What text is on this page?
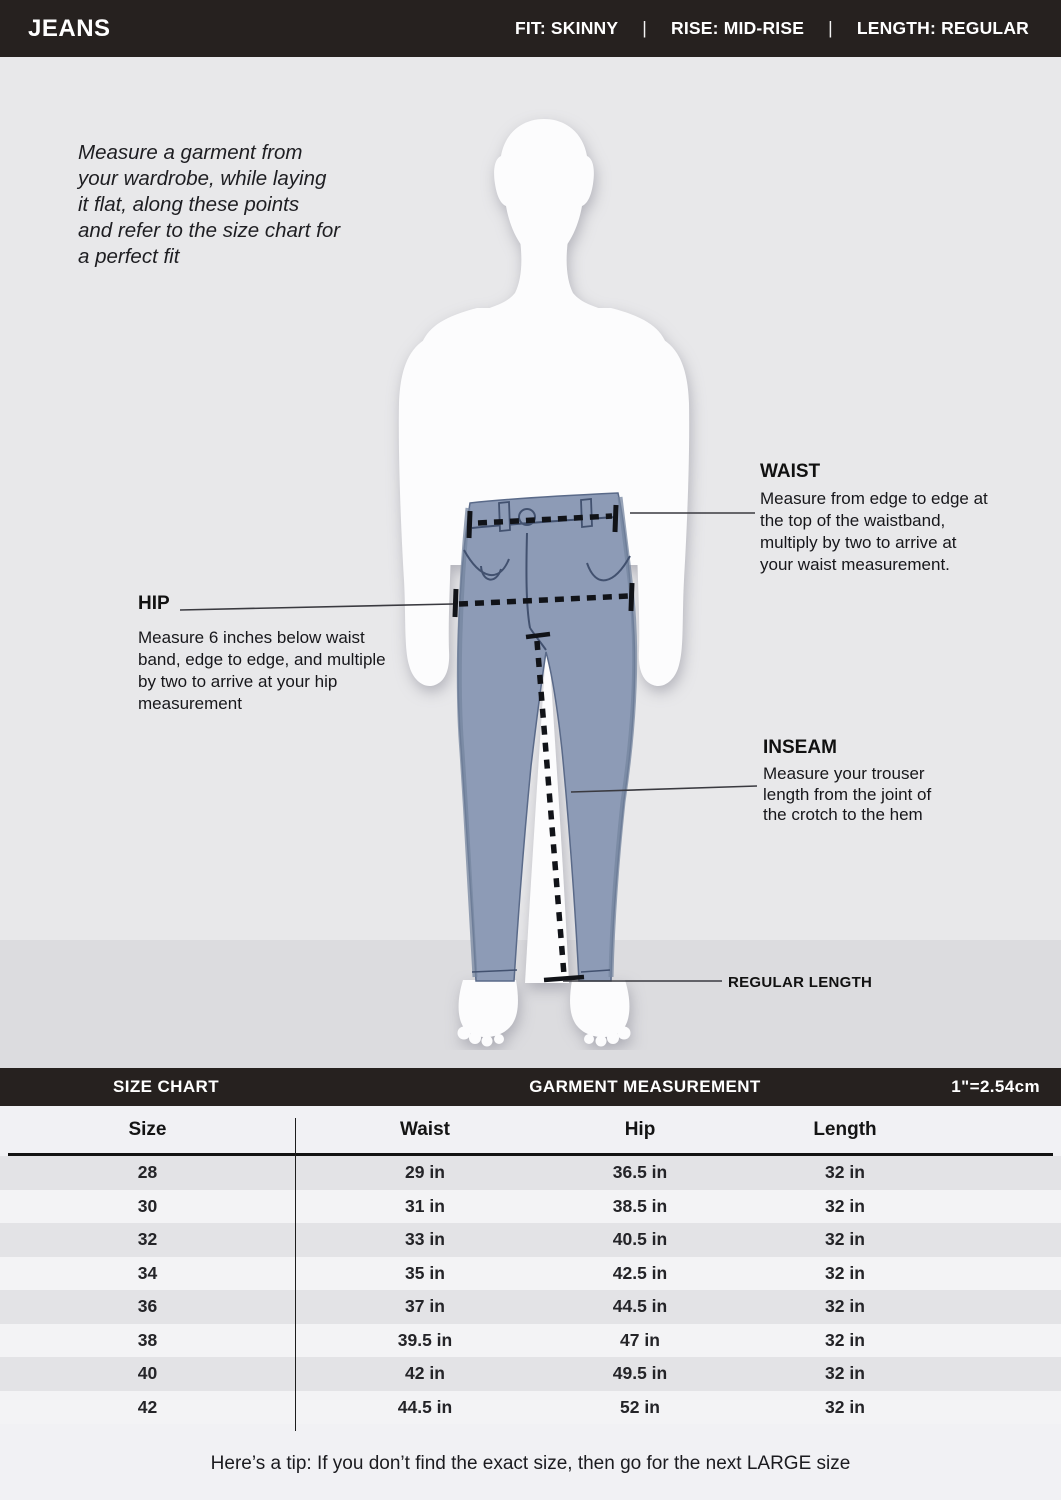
JEANS	FIT: SKINNY | RISE: MID-RISE | LENGTH: REGULAR
Measure a garment from
your wardrobe, while laying
it flat, along these points
and refer to the size chart for
a perfect fit
WAIST
Measure from edge to edge at
the top of the waistband,
multiply by two to arrive at
your waist measurement.
HIP
Measure 6 inches below waist
band, edge to edge, and multiple
by two to arrive at your hip
measurement
INSEAM
Measure your trouser
length from the joint of
the crotch to the hem
REGULAR LENGTH
SIZE CHART	GARMENT MEASUREMENT	1"=2.54cm
Size	Waist	Hip	Length
28	29 in	36.5 in	32 in
30	31 in	38.5 in	32 in
32	33 in	40.5 in	32 in
34	35 in	42.5 in	32 in
36	37 in	44.5 in	32 in
38	39.5 in	47 in	32 in
40	42 in	49.5 in	32 in
42	44.5 in	52 in	32 in
Here’s a tip: If you don’t find the exact size, then go for the next LARGE size
